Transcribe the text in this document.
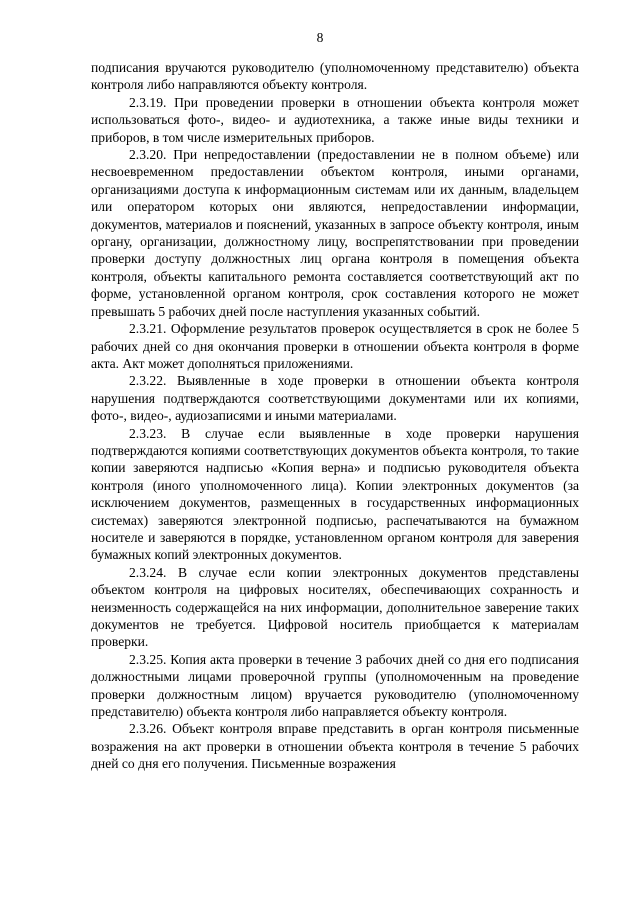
8

подписания вручаются руководителю (уполномоченному представителю) объекта контроля либо направляются объекту контроля.

2.3.19. При проведении проверки в отношении объекта контроля может использоваться фото-, видео- и аудиотехника, а также иные виды техники и приборов, в том числе измерительных приборов.

2.3.20. При непредоставлении (предоставлении не в полном объеме) или несвоевременном предоставлении объектом контроля, иными органами, организациями доступа к информационным системам или их данным, владельцем или оператором которых они являются, непредоставлении информации, документов, материалов и пояснений, указанных в запросе объекту контроля, иным органу, организации, должностному лицу, воспрепятствовании при проведении проверки доступу должностных лиц органа контроля в помещения объекта контроля, объекты капитального ремонта составляется соответствующий акт по форме, установленной органом контроля, срок составления которого не может превышать 5 рабочих дней после наступления указанных событий.

2.3.21. Оформление результатов проверок осуществляется в срок не более 5 рабочих дней со дня окончания проверки в отношении объекта контроля в форме акта. Акт может дополняться приложениями.

2.3.22. Выявленные в ходе проверки в отношении объекта контроля нарушения подтверждаются соответствующими документами или их копиями, фото-, видео-, аудиозаписями и иными материалами.

2.3.23. В случае если выявленные в ходе проверки нарушения подтверждаются копиями соответствующих документов объекта контроля, то такие копии заверяются надписью «Копия верна» и подписью руководителя объекта контроля (иного уполномоченного лица). Копии электронных документов (за исключением документов, размещенных в государственных информационных системах) заверяются электронной подписью, распечатываются на бумажном носителе и заверяются в порядке, установленном органом контроля для заверения бумажных копий электронных документов.

2.3.24. В случае если копии электронных документов представлены объектом контроля на цифровых носителях, обеспечивающих сохранность и неизменность содержащейся на них информации, дополнительное заверение таких документов не требуется. Цифровой носитель приобщается к материалам проверки.

2.3.25. Копия акта проверки в течение 3 рабочих дней со дня его подписания должностными лицами проверочной группы (уполномоченным на проведение проверки должностным лицом) вручается руководителю (уполномоченному представителю) объекта контроля либо направляется объекту контроля.

2.3.26. Объект контроля вправе представить в орган контроля письменные возражения на акт проверки в отношении объекта контроля в течение 5 рабочих дней со дня его получения. Письменные возражения
